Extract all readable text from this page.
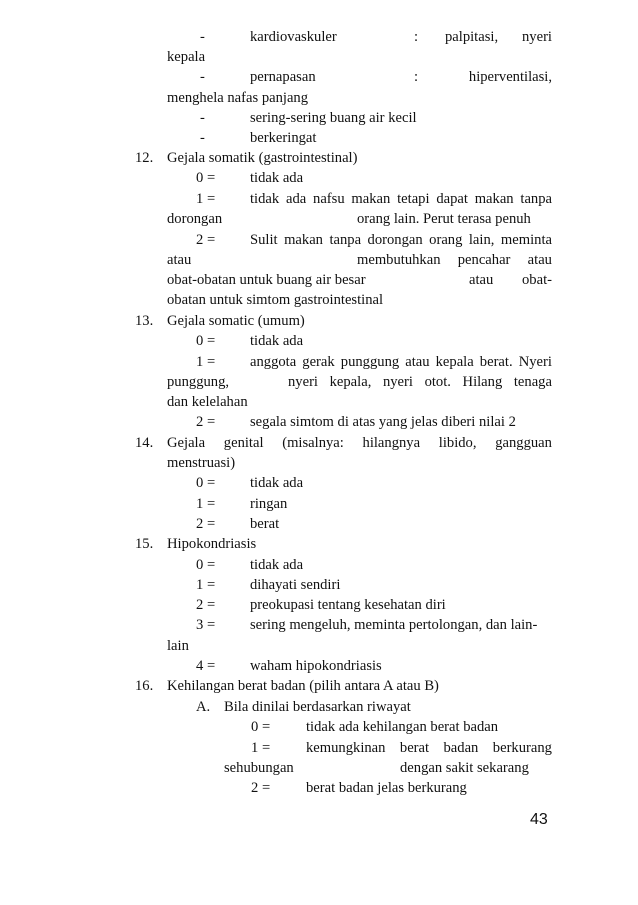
-	kardiovaskuler	: palpitasi, nyeri
kepala
-	pernapasan	:	hiperventilasi,
menghela nafas panjang
-	sering-sering buang air kecil
-	berkeringat
12. Gejala somatik (gastrointestinal)
0 = tidak ada
1 = tidak ada nafsu makan tetapi dapat makan tanpa
dorongan	orang lain. Perut terasa penuh
2 = Sulit makan tanpa dorongan orang lain, meminta
atau	membutuhkan pencahar atau
obat-obatan untuk buang air besar	atau obat-
obatan untuk simtom gastrointestinal
13. Gejala somatic (umum)
0 = tidak ada
1 = anggota gerak punggung atau kepala berat. Nyeri
punggung,	nyeri kepala, nyeri otot. Hilang tenaga
dan kelelahan
2 = segala simtom di atas yang jelas diberi nilai 2
14. Gejala genital (misalnya: hilangnya libido, gangguan
menstruasi)
0 = tidak ada
1 = ringan
2 = berat
15. Hipokondriasis
0 = tidak ada
1 = dihayati sendiri
2 = preokupasi tentang kesehatan diri
3 = sering mengeluh, meminta pertolongan, dan lain-
lain
4 = waham hipokondriasis
16. Kehilangan berat badan (pilih antara A atau B)
A. Bila dinilai berdasarkan riwayat
0 = tidak ada kehilangan berat badan
1 = kemungkinan berat badan berkurang
sehubungan	dengan sakit sekarang
2 = berat badan jelas berkurang
43
